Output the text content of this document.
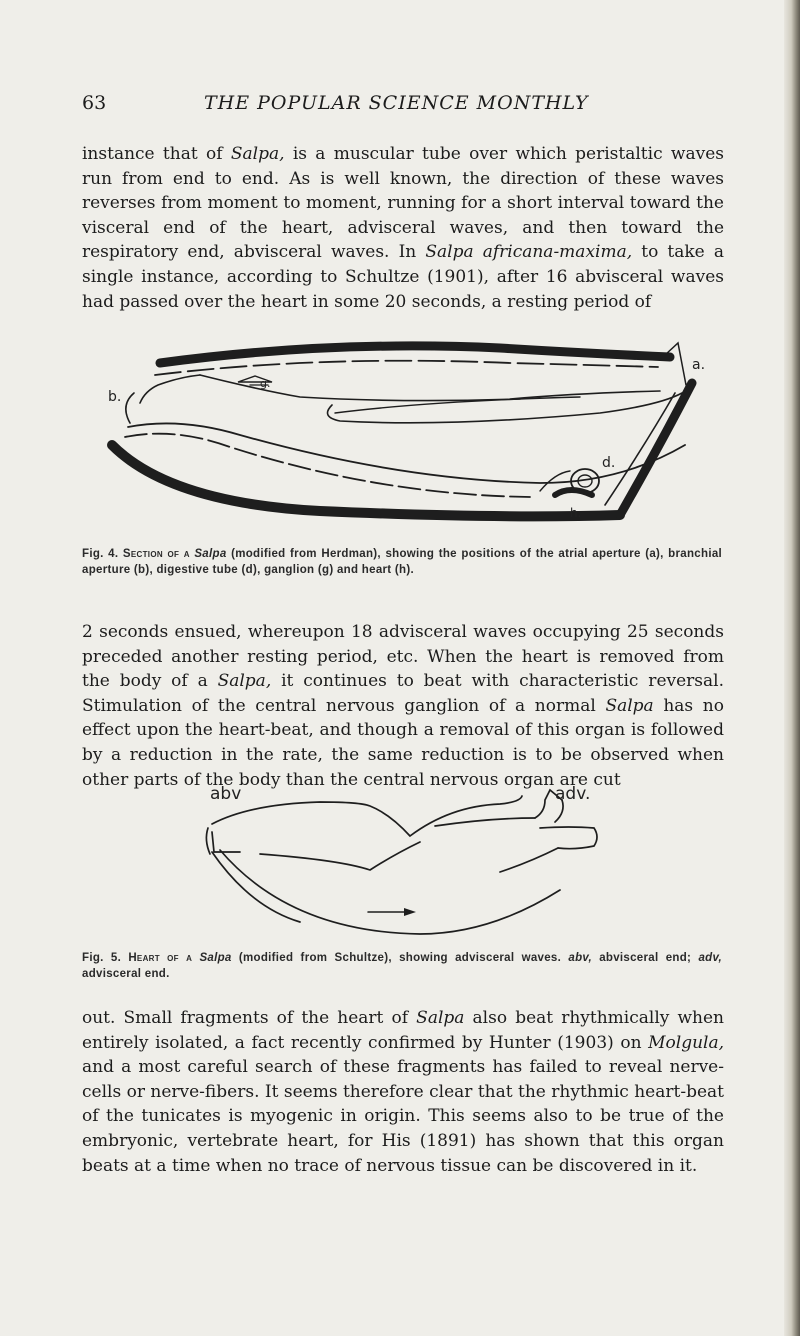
63	THE POPULAR SCIENCE MONTHLY

instance that of Salpa, is a muscular tube over which peristaltic waves run from end to end. As is well known, the direction of these waves reverses from moment to moment, running for a short interval toward the visceral end of the heart, advisceral waves, and then toward the respiratory end, abvisceral waves. In Salpa africana-maxima, to take a single instance, according to Schultze (1901), after 16 abvisceral waves had passed over the heart in some 20 seconds, a resting period of

a.
b.
g.
d.
h.

Fig. 4. Section of a Salpa (modified from Herdman), showing the positions of the atrial aperture (a), branchial aperture (b), digestive tube (d), ganglion (g) and heart (h).

2 seconds ensued, whereupon 18 advisceral waves occupying 25 seconds preceded another resting period, etc. When the heart is removed from the body of a Salpa, it continues to beat with characteristic reversal. Stimulation of the central nervous ganglion of a normal Salpa has no effect upon the heart-beat, and though a removal of this organ is followed by a reduction in the rate, the same reduction is to be observed when other parts of the body than the central nervous organ are cut

abv	adv.

Fig. 5. Heart of a Salpa (modified from Schultze), showing advisceral waves. abv, abvisceral end; adv, advisceral end.

out. Small fragments of the heart of Salpa also beat rhythmically when entirely isolated, a fact recently confirmed by Hunter (1903) on Molgula, and a most careful search of these fragments has failed to reveal nerve-cells or nerve-fibers. It seems therefore clear that the rhythmic heart-beat of the tunicates is myogenic in origin. This seems also to be true of the embryonic, vertebrate heart, for His (1891) has shown that this organ beats at a time when no trace of nervous tissue can be discovered in it.
